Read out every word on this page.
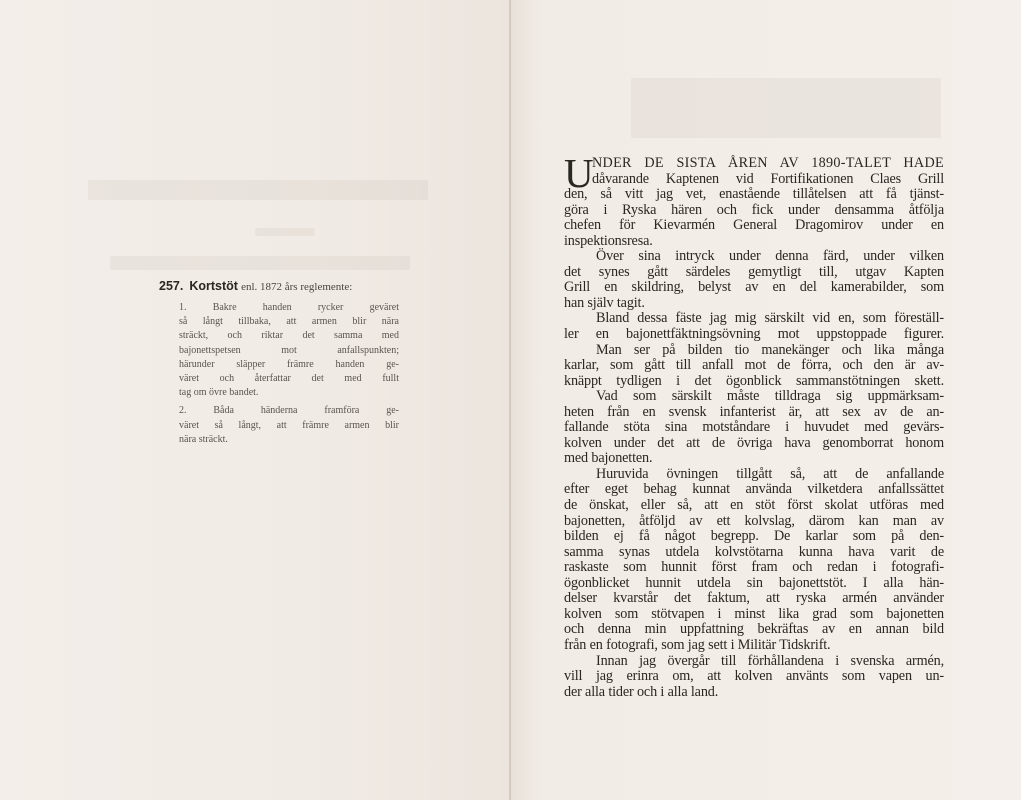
257. Kortstöt enl. 1872 års reglemente:
1. Bakre handen rycker geväret
så långt tillbaka, att armen blir nära
sträckt, och riktar det samma med
bajonettspetsen mot anfallspunkten;
härunder släpper främre handen ge-
väret och återfattar det med fullt
tag om övre bandet.
2. Båda händerna framföra ge-
väret så långt, att främre armen blir
nära sträckt.
U
NDER DE SISTA ÅREN AV 1890-TALET HADE
dåvarande Kaptenen vid Fortifikationen Claes Grill
den, så vitt jag vet, enastående tillåtelsen att få tjänst-
göra i Ryska hären och fick under densamma åtfölja
chefen för Kievarmén General Dragomirov under en
inspektionsresa.
Över sina intryck under denna färd, under vilken
det synes gått särdeles gemytligt till, utgav Kapten
Grill en skildring, belyst av en del kamerabilder, som
han själv tagit.
Bland dessa fäste jag mig särskilt vid en, som föreställ-
ler en bajonettfäktningsövning mot uppstoppade figurer.
Man ser på bilden tio manekänger och lika många
karlar, som gått till anfall mot de förra, och den är av-
knäppt tydligen i det ögonblick sammanstötningen skett.
Vad som särskilt måste tilldraga sig uppmärksam-
heten från en svensk infanterist är, att sex av de an-
fallande stöta sina motståndare i huvudet med gevärs-
kolven under det att de övriga hava genomborrat honom
med bajonetten.
Huruvida övningen tillgått så, att de anfallande
efter eget behag kunnat använda vilketdera anfallssättet
de önskat, eller så, att en stöt först skolat utföras med
bajonetten, åtföljd av ett kolvslag, därom kan man av
bilden ej få något begrepp. De karlar som på den-
samma synas utdela kolvstötarna kunna hava varit de
raskaste som hunnit först fram och redan i fotografi-
ögonblicket hunnit utdela sin bajonettstöt. I alla hän-
delser kvarstår det faktum, att ryska armén använder
kolven som stötvapen i minst lika grad som bajonetten
och denna min uppfattning bekräftas av en annan bild
från en fotografi, som jag sett i Militär Tidskrift.
Innan jag övergår till förhållandena i svenska armén,
vill jag erinra om, att kolven använts som vapen un-
der alla tider och i alla land.
